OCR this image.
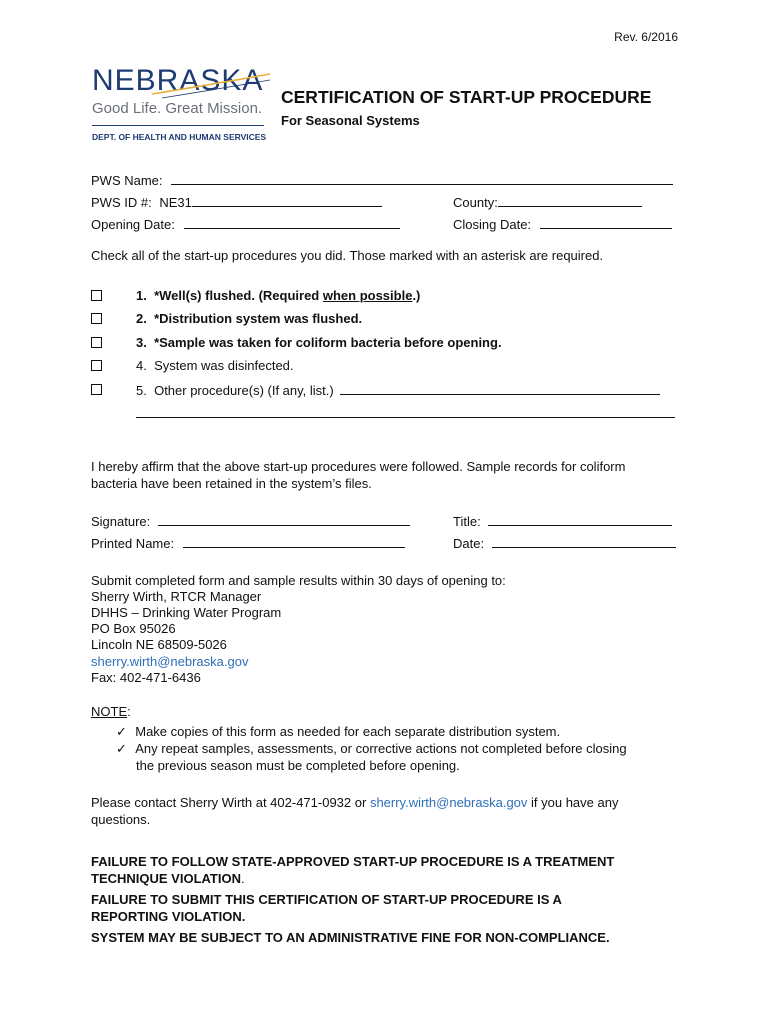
Rev. 6/2016
NEBRASKA
Good Life. Great Mission.
DEPT. OF HEALTH AND HUMAN SERVICES
CERTIFICATION OF START-UP PROCEDURE
For Seasonal Systems
PWS Name:
PWS ID #: NE31	County:
Opening Date:	Closing Date:
Check all of the start-up procedures you did. Those marked with an asterisk are required.
1. *Well(s) flushed. (Required when possible.)
2. *Distribution system was flushed.
3. *Sample was taken for coliform bacteria before opening.
4. System was disinfected.
5. Other procedure(s) (If any, list.)
I hereby affirm that the above start-up procedures were followed. Sample records for coliform
bacteria have been retained in the system’s files.
Signature:	Title:
Printed Name:	Date:
Submit completed form and sample results within 30 days of opening to:
Sherry Wirth, RTCR Manager
DHHS – Drinking Water Program
PO Box 95026
Lincoln NE 68509-5026
sherry.wirth@nebraska.gov
Fax: 402-471-6436
NOTE:
✓ Make copies of this form as needed for each separate distribution system.
✓ Any repeat samples, assessments, or corrective actions not completed before closing
the previous season must be completed before opening.
Please contact Sherry Wirth at 402-471-0932 or sherry.wirth@nebraska.gov if you have any
questions.
FAILURE TO FOLLOW STATE-APPROVED START-UP PROCEDURE IS A TREATMENT
TECHNIQUE VIOLATION.
FAILURE TO SUBMIT THIS CERTIFICATION OF START-UP PROCEDURE IS A
REPORTING VIOLATION.
SYSTEM MAY BE SUBJECT TO AN ADMINISTRATIVE FINE FOR NON-COMPLIANCE.
